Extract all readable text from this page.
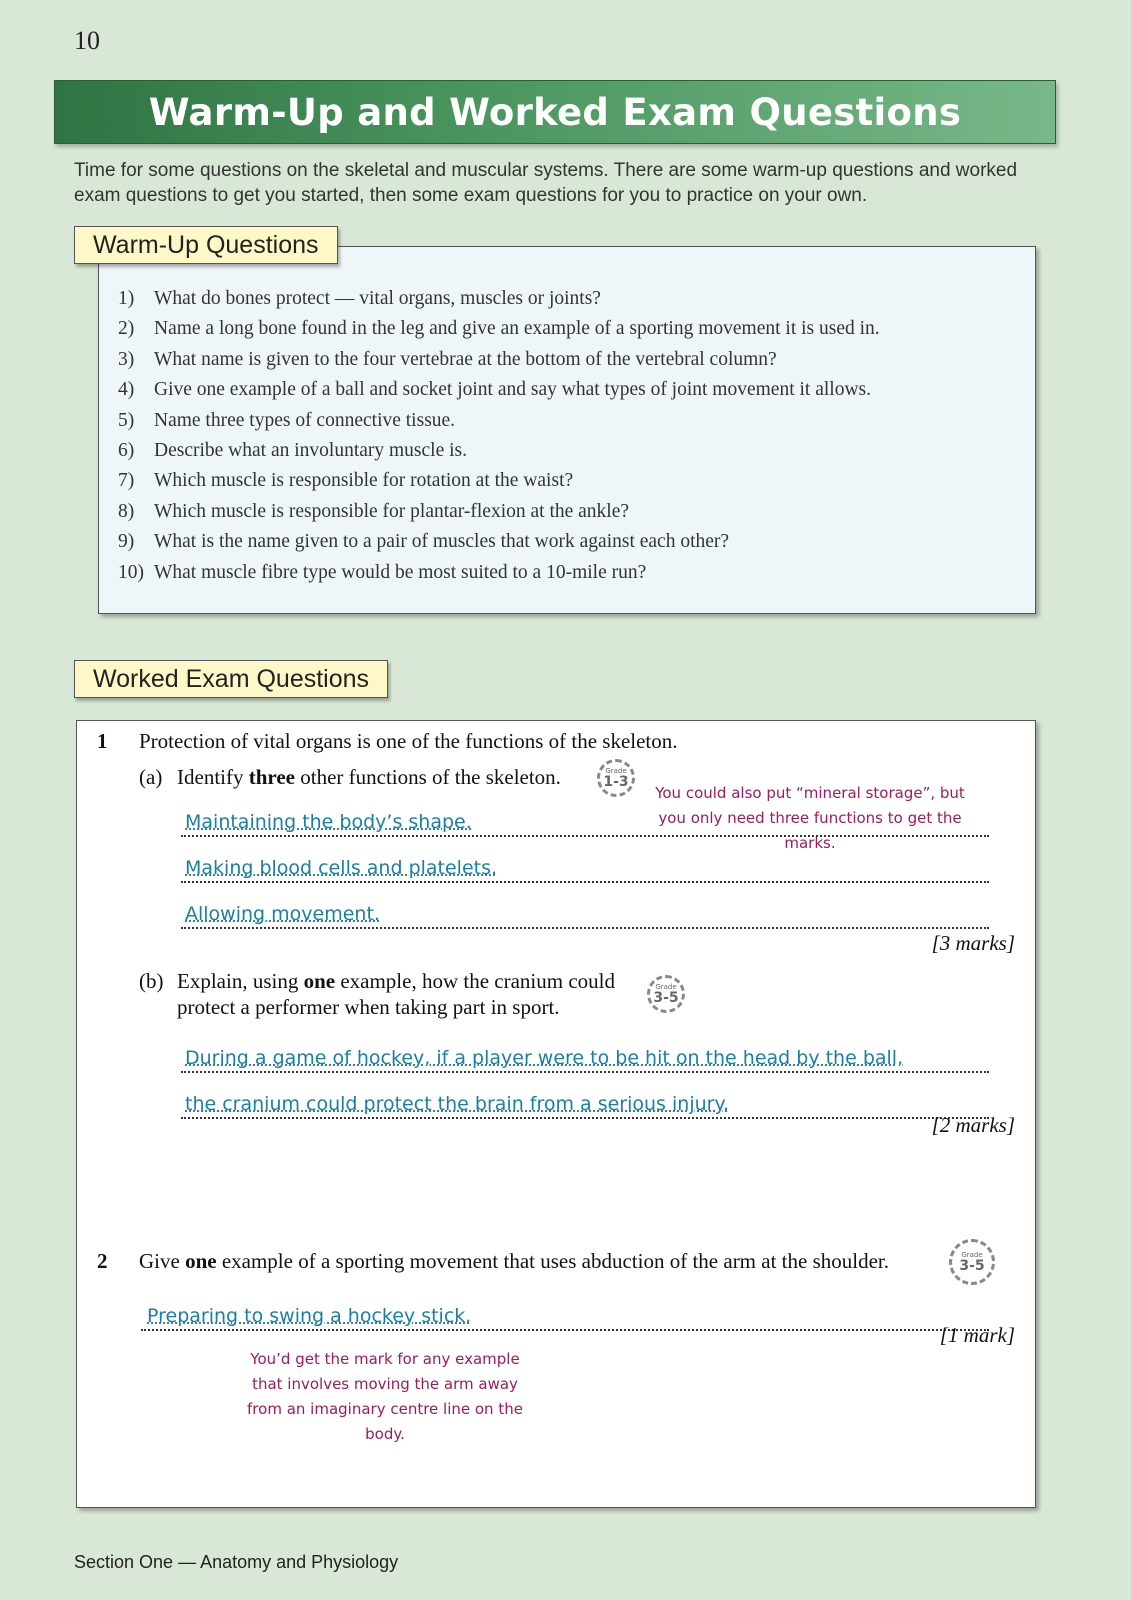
10
Warm-Up and Worked Exam Questions
Time for some questions on the skeletal and muscular systems. There are some warm-up questions and worked exam questions to get you started, then some exam questions for you to practice on your own.
Warm-Up Questions
1) What do bones protect — vital organs, muscles or joints?
2) Name a long bone found in the leg and give an example of a sporting movement it is used in.
3) What name is given to the four vertebrae at the bottom of the vertebral column?
4) Give one example of a ball and socket joint and say what types of joint movement it allows.
5) Name three types of connective tissue.
6) Describe what an involuntary muscle is.
7) Which muscle is responsible for rotation at the waist?
8) Which muscle is responsible for plantar-flexion at the ankle?
9) What is the name given to a pair of muscles that work against each other?
10) What muscle fibre type would be most suited to a 10-mile run?
Worked Exam Questions
1 Protection of vital organs is one of the functions of the skeleton.
(a) Identify three other functions of the skeleton.	Grade
1-3
You could also put “mineral storage”, but you only need three functions to get the marks.
Maintaining the body’s shape.
Making blood cells and platelets.
Allowing movement.
[3 marks]
(b) Explain, using one example, how the cranium could
protect a performer when taking part in sport.
Grade
3-5
During a game of hockey, if a player were to be hit on the head by the ball,
the cranium could protect the brain from a serious injury.
[2 marks]
2 Give one example of a sporting movement that uses abduction of the arm at the shoulder.	Grade
3-5
Preparing to swing a hockey stick.
[1 mark]
You’d get the mark for any example that involves moving the arm away from an imaginary centre line on the body.
Section One — Anatomy and Physiology
